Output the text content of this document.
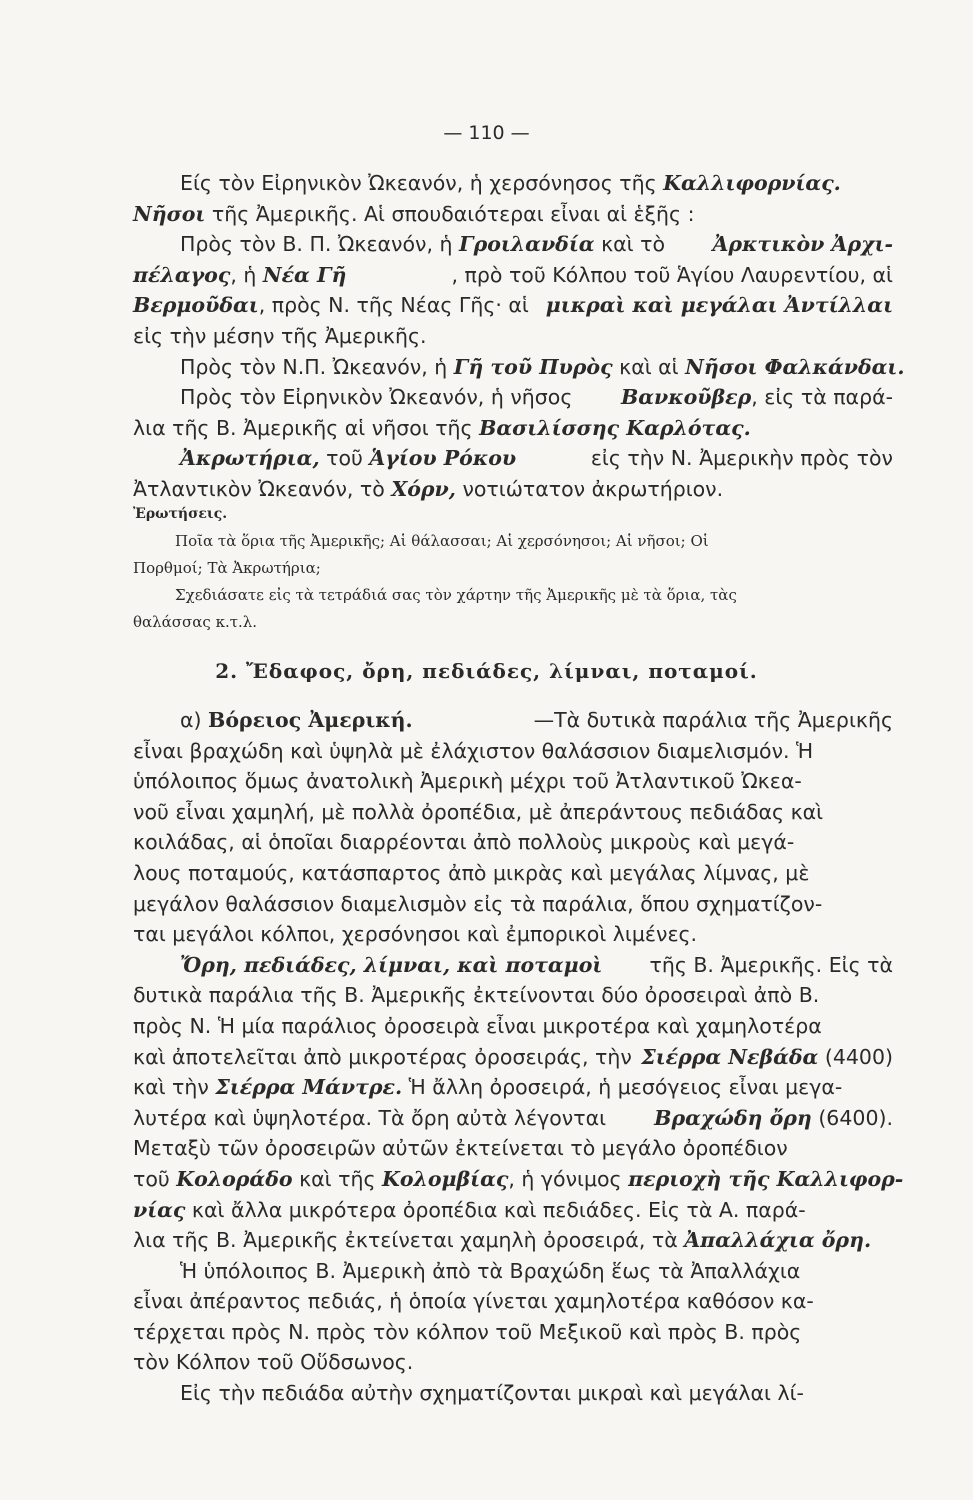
— 110 —
Είς τὸν Εἰρηνικὸν Ὠκεανόν, ἡ χερσόνησος τῆς Καλλιφορνίας.
Νῆσοι τῆς Ἀμερικῆς. Αἱ σπουδαιότεραι εἶναι αἱ ἑξῆς :
Πρὸς τὸν Β. Π. Ὠκεανόν, ἡ Γροιλανδία καὶ τὸ Ἀρκτικὸν Ἀρχι-
πέλαγος, ἡ Νέα Γῆ	, πρὸ τοῦ Κόλπου τοῦ Ἁγίου Λαυρεντίου, αἱ
Βερμοῦδαι, πρὸς Ν. τῆς Νέας Γῆς· αἱ μικραὶ καὶ μεγάλαι Ἀντίλλαι
εἰς τὴν μέσην τῆς Ἀμερικῆς.
Πρὸς τὸν Ν.Π. Ὠκεανόν, ἡ Γῆ τοῦ Πυρὸς καὶ αἱ Νῆσοι Φαλκάνδαι.
Πρὸς τὸν Εἰρηνικὸν Ὠκεανόν, ἡ νῆσος Βανκοῦβερ, εἰς τὰ παρά-
λια τῆς Β. Ἀμερικῆς αἱ νῆσοι τῆς Βασιλίσσης Καρλότας.
Ἀκρωτήρια, τοῦ Ἁγίου Ρόκου	εἰς τὴν Ν. Ἀμερικὴν πρὸς τὸν
Ἀτλαντικὸν Ὠκεανόν, τὸ Χόρν, νοτιώτατον ἀκρωτήριον.
Ἐρωτήσεις.
Ποῖα τὰ ὅρια τῆς Ἀμερικῆς; Αἱ θάλασσαι; Αἱ χερσόνησοι; Αἱ νῆσοι; Οἱ
Πορθμοί; Τὰ Ἀκρωτήρια;
Σχεδιάσατε εἰς τὰ τετράδιά σας τὸν χάρτην τῆς Ἀμερικῆς μὲ τὰ ὅρια, τὰς
θαλάσσας κ.τ.λ.
2. Ἔδαφος, ὄρη, πεδιάδες, λίμναι, ποταμοί.
α) Βόρειος Ἀμερική.	—Τὰ δυτικὰ παράλια τῆς Ἀμερικῆς
εἶναι βραχώδη καὶ ὑψηλὰ μὲ ἐλάχιστον θαλάσσιον διαμελισμόν. Ἡ
ὑπόλοιπος ὅμως ἀνατολικὴ Ἀμερικὴ μέχρι τοῦ Ἀτλαντικοῦ Ὠκεα-
νοῦ εἶναι χαμηλή, μὲ πολλὰ ὀροπέδια, μὲ ἀπεράντους πεδιάδας καὶ
κοιλάδας, αἱ ὁποῖαι διαρρέονται ἀπὸ πολλοὺς μικροὺς καὶ μεγά-
λους ποταμούς, κατάσπαρτος ἀπὸ μικρὰς καὶ μεγάλας λίμνας, μὲ
μεγάλον θαλάσσιον διαμελισμὸν εἰς τὰ παράλια, ὅπου σχηματίζον-
ται μεγάλοι κόλποι, χερσόνησοι καὶ ἐμπορικοὶ λιμένες.
Ὄρη, πεδιάδες, λίμναι, καὶ ποταμοὶ τῆς Β. Ἀμερικῆς. Εἰς τὰ
δυτικὰ παράλια τῆς Β. Ἀμερικῆς ἐκτείνονται δύο ὀροσειραὶ ἀπὸ Β.
πρὸς Ν. Ἡ μία παράλιος ὀροσειρὰ εἶναι μικροτέρα καὶ χαμηλοτέρα
καὶ ἀποτελεῖται ἀπὸ μικροτέρας ὀροσειράς, τὴν Σιέρρα Νεβάδα (4400)
καὶ τὴν Σιέρρα Μάντρε. Ἡ ἄλλη ὀροσειρά, ἡ μεσόγειος εἶναι μεγα-
λυτέρα καὶ ὑψηλοτέρα. Τὰ ὄρη αὐτὰ λέγονται Βραχώδη ὄρη (6400).
Μεταξὺ τῶν ὀροσειρῶν αὐτῶν ἐκτείνεται τὸ μεγάλο ὀροπέδιον
τοῦ Κολοράδο καὶ τῆς Κολομβίας, ἡ γόνιμος περιοχὴ τῆς Καλλιφορ-
νίας καὶ ἄλλα μικρότερα ὀροπέδια καὶ πεδιάδες. Εἰς τὰ Α. παρά-
λια τῆς Β. Ἀμερικῆς ἐκτείνεται χαμηλὴ ὀροσειρά, τὰ Ἀπαλλάχια ὄρη.
Ἡ ὑπόλοιπος Β. Ἀμερικὴ ἀπὸ τὰ Βραχώδη ἕως τὰ Ἀπαλλάχια
εἶναι ἀπέραντος πεδιάς, ἡ ὁποία γίνεται χαμηλοτέρα καθόσον κα-
τέρχεται πρὸς Ν. πρὸς τὸν κόλπον τοῦ Μεξικοῦ καὶ πρὸς Β. πρὸς
τὸν Κόλπον τοῦ Οὕδσωνος.
Εἰς τὴν πεδιάδα αὐτὴν σχηματίζονται μικραὶ καὶ μεγάλαι λί-
